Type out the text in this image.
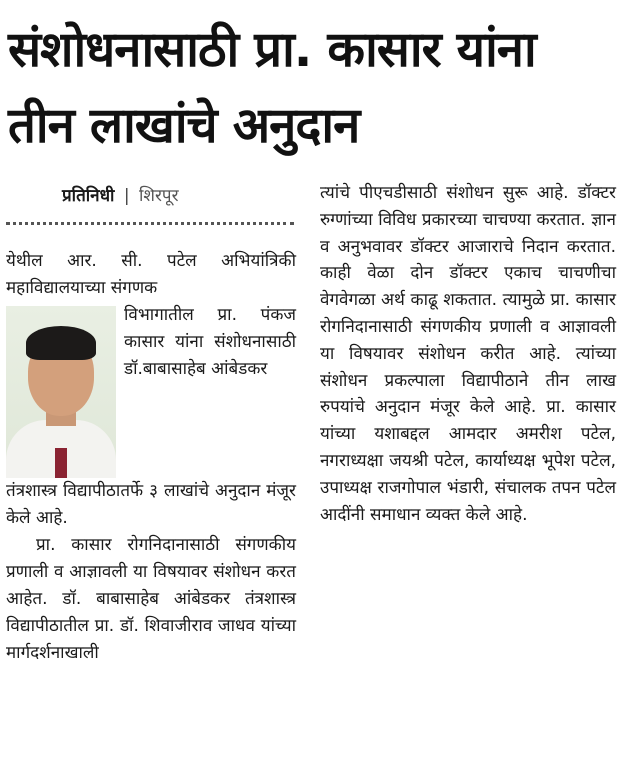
संशोधनासाठी प्रा. कासार यांना तीन लाखांचे अनुदान
प्रतिनिधी | शिरपूर

येथील आर. सी. पटेल अभियांत्रिकी महाविद्यालयाच्या संगणक

विभागातील प्रा. पंकज कासार यांना संशोधनासाठी डॉ.बाबासाहेब आंबेडकर

तंत्रशास्त्र विद्यापीठातर्फे ३ लाखांचे अनुदान मंजूर केले आहे.

प्रा. कासार रोगनिदानासाठी संगणकीय प्रणाली व आज्ञावली या विषयावर संशोधन करत आहेत. डॉ. बाबासाहेब आंबेडकर तंत्रशास्त्र विद्यापीठातील प्रा. डॉ. शिवाजीराव जाधव यांच्या मार्गदर्शनाखाली

त्यांचे पीएचडीसाठी संशोधन सुरू आहे. डॉक्टर रुग्णांच्या विविध प्रकारच्या चाचण्या करतात. ज्ञान व अनुभवावर डॉक्टर आजाराचे निदान करतात. काही वेळा दोन डॉक्टर एकाच चाचणीचा वेगवेगळा अर्थ काढू शकतात. त्यामुळे प्रा. कासार रोगनिदानासाठी संगणकीय प्रणाली व आज्ञावली या विषयावर संशोधन करीत आहे. त्यांच्या संशोधन प्रकल्पाला विद्यापीठाने तीन लाख रुपयांचे अनुदान मंजूर केले आहे. प्रा. कासार यांच्या यशाबद्दल आमदार अमरीश पटेल, नगराध्यक्षा जयश्री पटेल, कार्याध्यक्ष भूपेश पटेल, उपाध्यक्ष राजगोपाल भंडारी, संचालक तपन पटेल आदींनी समाधान व्यक्त केले आहे.
